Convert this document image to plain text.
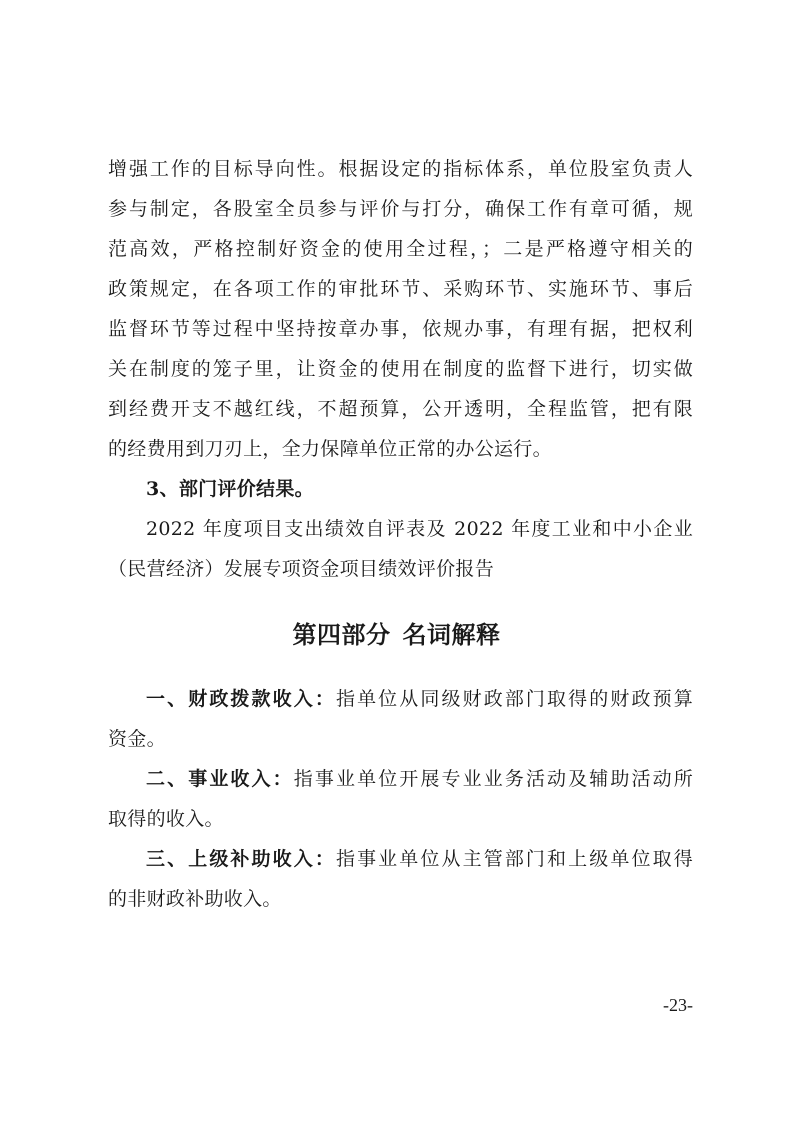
增强工作的目标导向性。根据设定的指标体系，单位股室负责人
参与制定，各股室全员参与评价与打分，确保工作有章可循，规
范高效，严格控制好资金的使用全过程，；二是严格遵守相关的
政策规定，在各项工作的审批环节、采购环节、实施环节、事后
监督环节等过程中坚持按章办事，依规办事，有理有据，把权利
关在制度的笼子里，让资金的使用在制度的监督下进行，切实做
到经费开支不越红线，不超预算，公开透明，全程监管，把有限
的经费用到刀刃上，全力保障单位正常的办公运行。
3、部门评价结果。
2022 年度项目支出绩效自评表及 2022 年度工业和中小企业
（民营经济）发展专项资金项目绩效评价报告
第四部分 名词解释
一、财政拨款收入：指单位从同级财政部门取得的财政预算
资金。
二、事业收入：指事业单位开展专业业务活动及辅助活动所
取得的收入。
三、上级补助收入：指事业单位从主管部门和上级单位取得
的非财政补助收入。
-23-
